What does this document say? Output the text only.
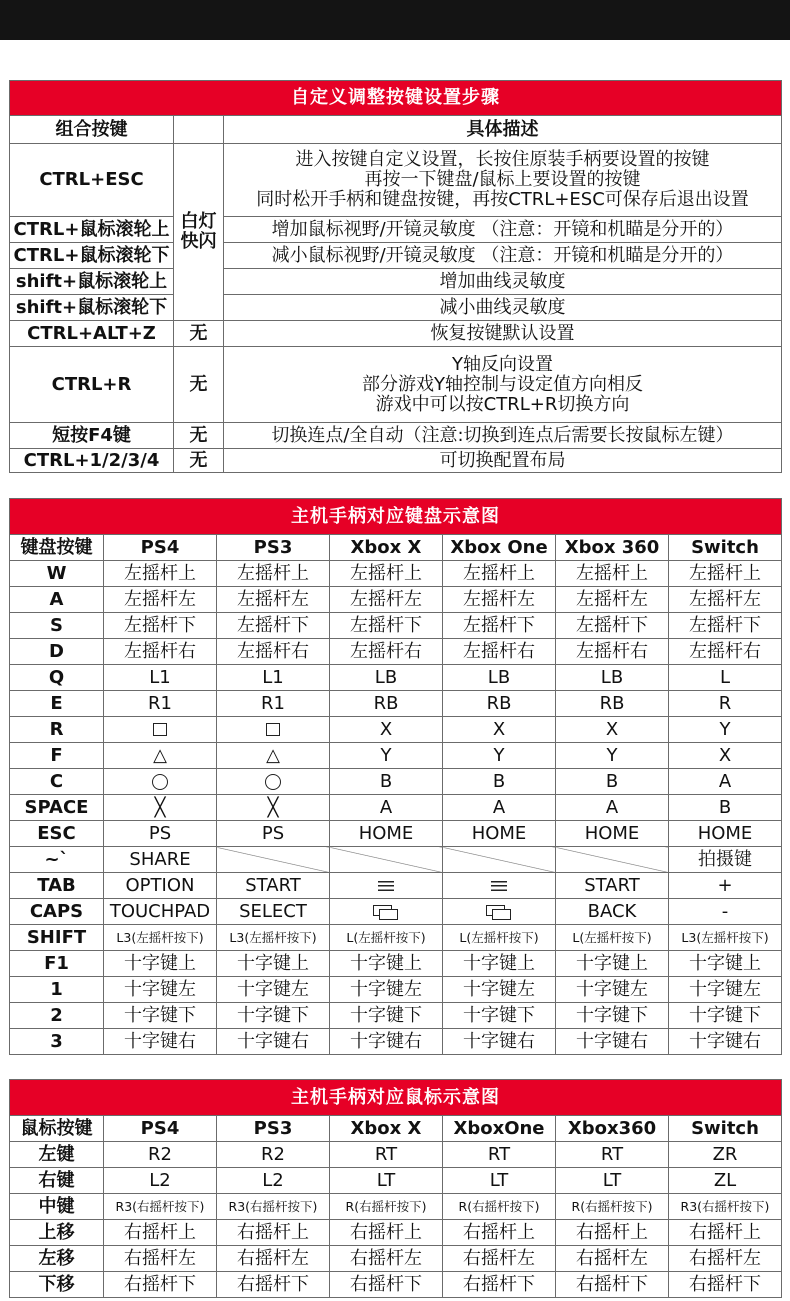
自定义调整按键设置步骤		
组合按键		具体描述
CTRL+ESC	白灯快闪	进入按键自定义设置，长按住原装手柄要设置的按键
再按一下键盘/鼠标上要设置的按键
同时松开手柄和键盘按键，再按CTRL+ESC可保存后退出设置

CTRL+鼠标滚轮上		增加鼠标视野/开镜灵敏度 （注意：开镜和机瞄是分开的）
CTRL+鼠标滚轮下		减小鼠标视野/开镜灵敏度 （注意：开镜和机瞄是分开的）
shift+鼠标滚轮上		增加曲线灵敏度
shift+鼠标滚轮下		减小曲线灵敏度
CTRL+ALT+Z	无	恢复按键默认设置
CTRL+R	无	Y轴反向设置
部分游戏Y轴控制与设定值方向相反
游戏中可以按CTRL+R切换方向

短按F4键	无	切换连点/全自动（注意:切换到连点后需要长按鼠标左键）
CTRL+1/2/3/4	无	可切换配置布局
主机手柄对应键盘示意图						
键盘按键	PS4	PS3	Xbox X	Xbox One	Xbox 360	Switch
W	左摇杆上	左摇杆上	左摇杆上	左摇杆上	左摇杆上	左摇杆上
A	左摇杆左	左摇杆左	左摇杆左	左摇杆左	左摇杆左	左摇杆左
S	左摇杆下	左摇杆下	左摇杆下	左摇杆下	左摇杆下	左摇杆下
D	左摇杆右	左摇杆右	左摇杆右	左摇杆右	左摇杆右	左摇杆右
Q	L1	L1	LB	LB	LB	L
E	R1	R1	RB	RB	RB	R
R			X	X	X	Y
F	△	△	Y	Y	Y	X
C			B	B	B	A
SPACE	╳	╳	A	A	A	B
ESC	PS	PS	HOME	HOME	HOME	HOME
~`	SHARE					拍摄键
TAB	OPTION	START			START	+
CAPS	TOUCHPAD	SELECT			BACK	-
SHIFT	L3(左摇杆按下)	L3(左摇杆按下)	L(左摇杆按下)	L(左摇杆按下)	L(左摇杆按下)	L3(左摇杆按下)
F1	十字键上	十字键上	十字键上	十字键上	十字键上	十字键上
1	十字键左	十字键左	十字键左	十字键左	十字键左	十字键左
2	十字键下	十字键下	十字键下	十字键下	十字键下	十字键下
3	十字键右	十字键右	十字键右	十字键右	十字键右	十字键右
主机手柄对应鼠标示意图						
鼠标按键	PS4	PS3	Xbox X	XboxOne	Xbox360	Switch
左键	R2	R2	RT	RT	RT	ZR
右键	L2	L2	LT	LT	LT	ZL
中键	R3(右摇杆按下)	R3(右摇杆按下)	R(右摇杆按下)	R(右摇杆按下)	R(右摇杆按下)	R3(右摇杆按下)
上移	右摇杆上	右摇杆上	右摇杆上	右摇杆上	右摇杆上	右摇杆上
左移	右摇杆左	右摇杆左	右摇杆左	右摇杆左	右摇杆左	右摇杆左
下移	右摇杆下	右摇杆下	右摇杆下	右摇杆下	右摇杆下	右摇杆下
